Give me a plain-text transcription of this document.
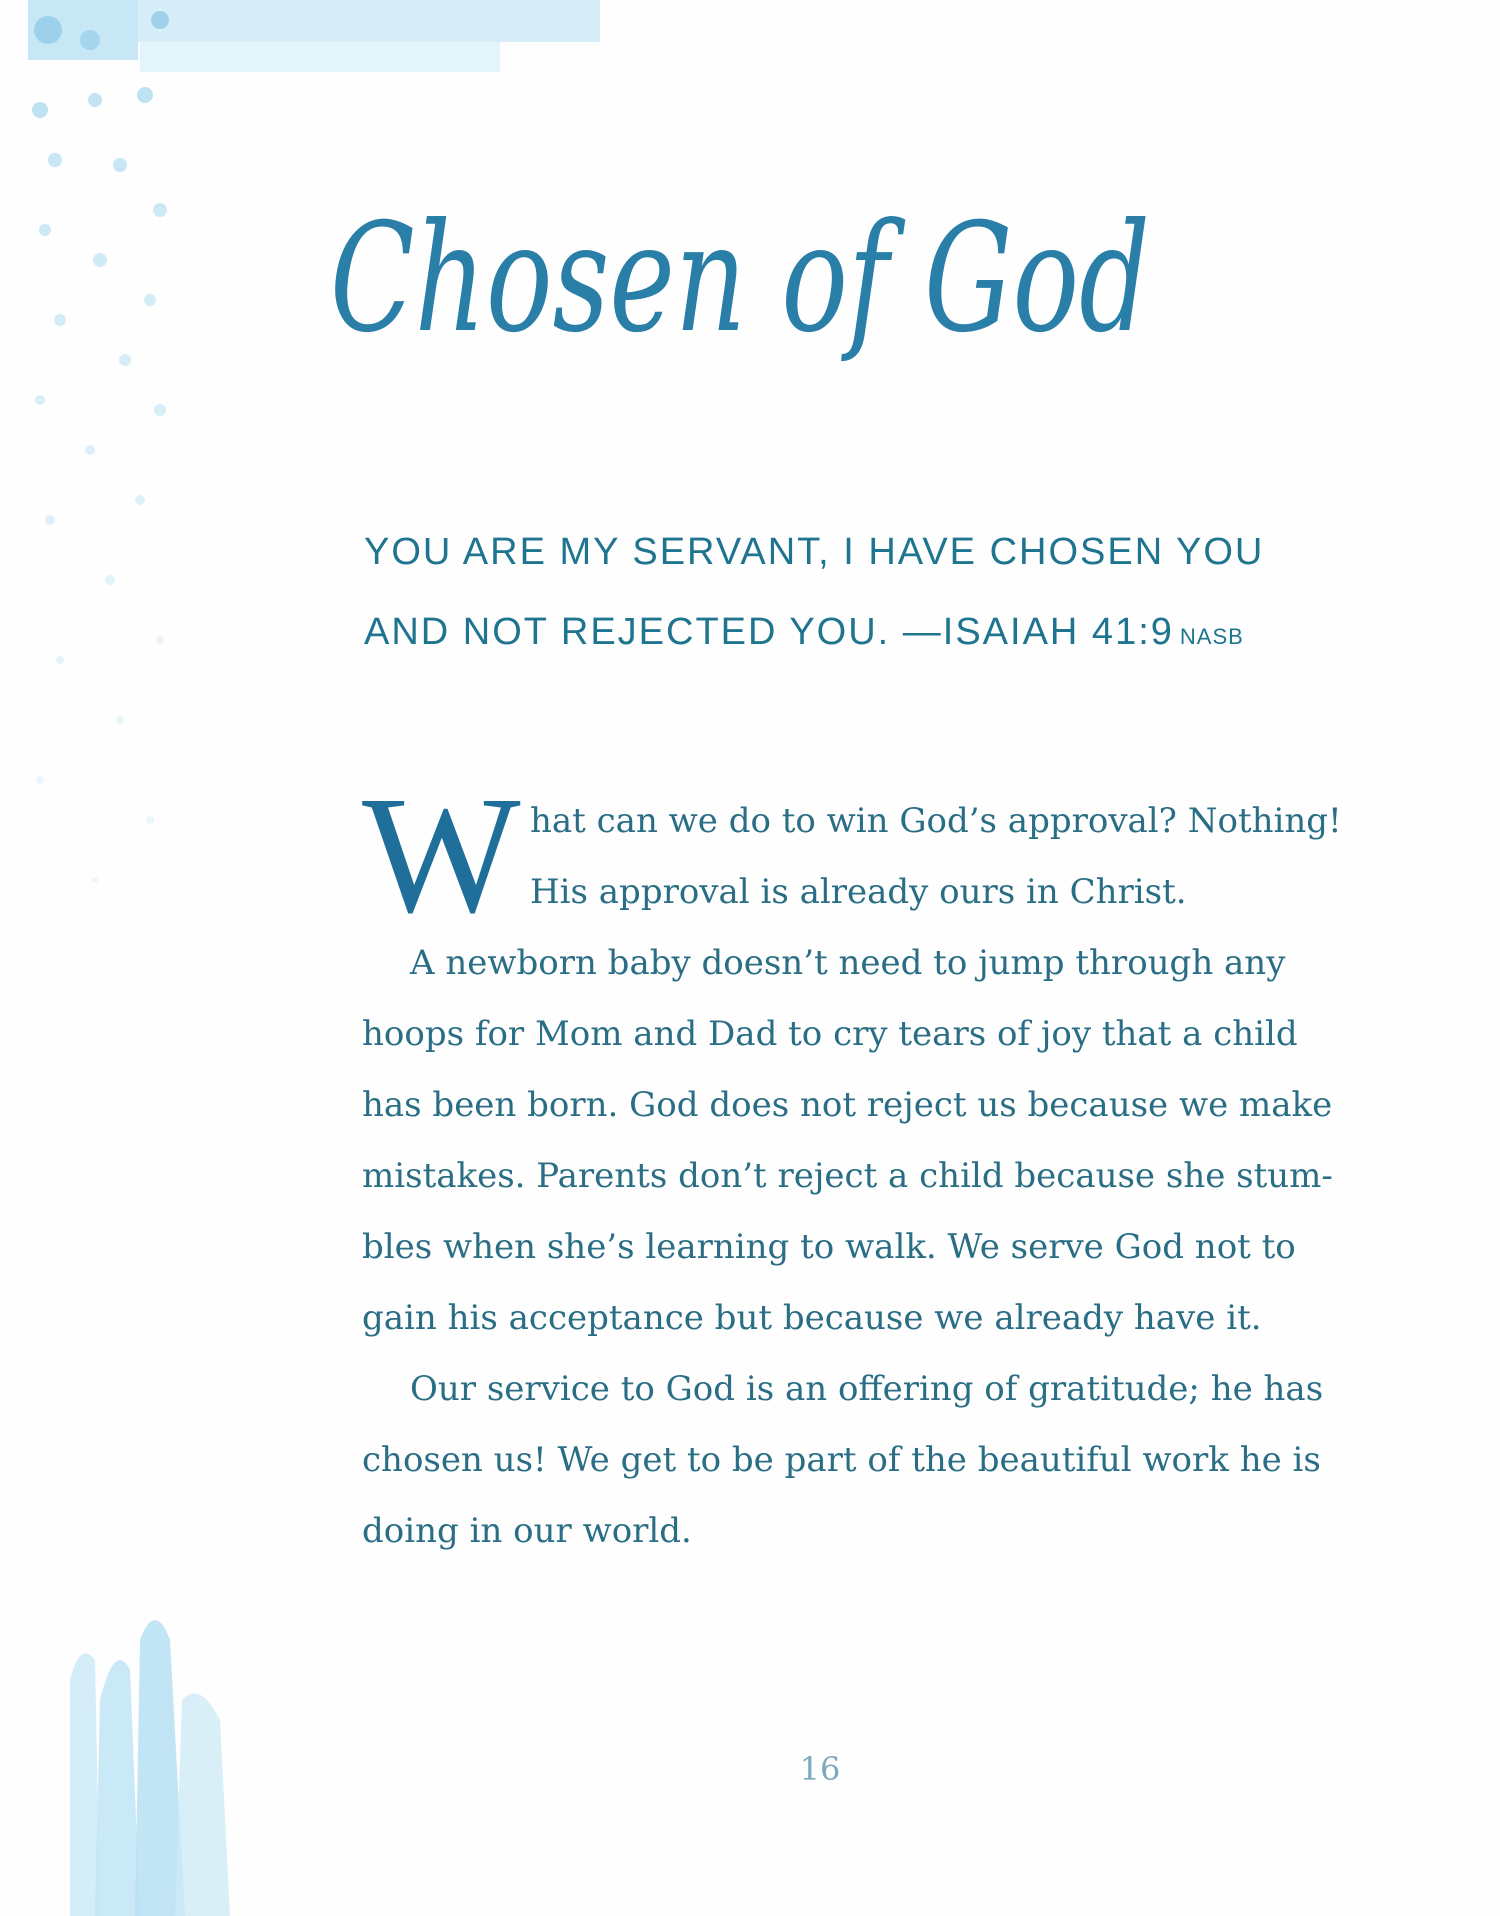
Chosen of God
YOU ARE MY SERVANT, I HAVE CHOSEN YOU
AND NOT REJECTED YOU. —ISAIAH 41:9 NASB
W hat can we do to win God’s approval? Nothing!
His approval is already ours in Christ.
A newborn baby doesn’t need to jump through any
hoops for Mom and Dad to cry tears of joy that a child
has been born. God does not reject us because we make
mistakes. Parents don’t reject a child because she stum-
bles when she’s learning to walk. We serve God not to
gain his acceptance but because we already have it.
Our service to God is an offering of gratitude; he has
chosen us! We get to be part of the beautiful work he is
doing in our world.
16
